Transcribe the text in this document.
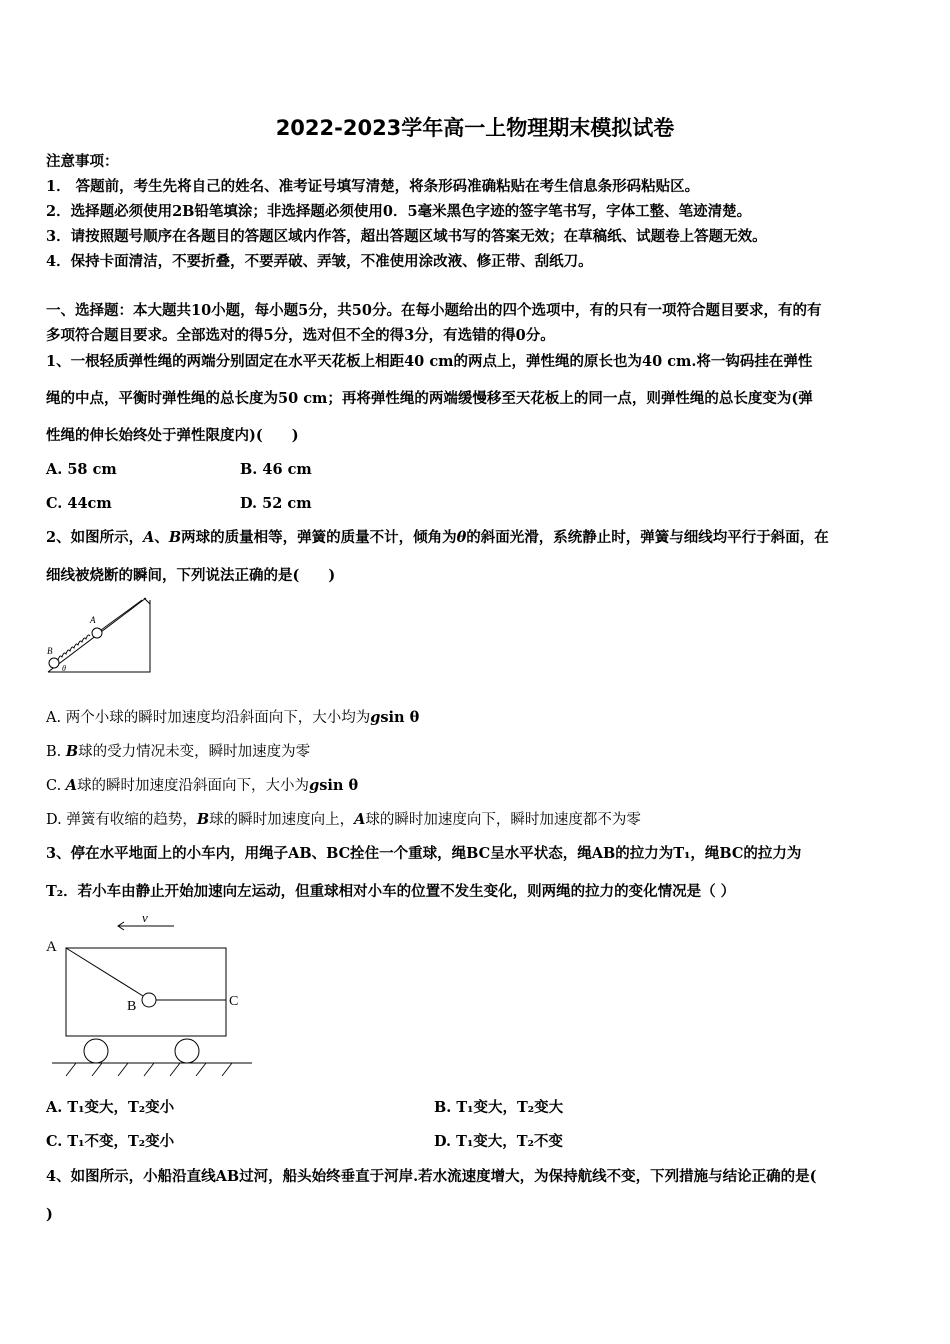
2022-2023学年高一上物理期末模拟试卷
注意事项：
1． 答题前，考生先将自己的姓名、准考证号填写清楚，将条形码准确粘贴在考生信息条形码粘贴区。
2．选择题必须使用2B铅笔填涂；非选择题必须使用0．5毫米黑色字迹的签字笔书写，字体工整、笔迹清楚。
3．请按照题号顺序在各题目的答题区域内作答，超出答题区域书写的答案无效；在草稿纸、试题卷上答题无效。
4．保持卡面清洁，不要折叠，不要弄破、弄皱，不准使用涂改液、修正带、刮纸刀。
一、选择题：本大题共10小题，每小题5分，共50分。在每小题给出的四个选项中，有的只有一项符合题目要求，有的有
多项符合题目要求。全部选对的得5分，选对但不全的得3分，有选错的得0分。
1、一根轻质弹性绳的两端分别固定在水平天花板上相距40 cm的两点上，弹性绳的原长也为40 cm.将一钩码挂在弹性
绳的中点，平衡时弹性绳的总长度为50 cm；再将弹性绳的两端缓慢移至天花板上的同一点，则弹性绳的总长度变为(弹
性绳的伸长始终处于弹性限度内)(　　)
A. 58 cm	B. 46 cm
C. 44cm	D. 52 cm
2、如图所示，A、B两球的质量相等，弹簧的质量不计，倾角为θ的斜面光滑，系统静止时，弹簧与细线均平行于斜面，在
细线被烧断的瞬间，下列说法正确的是(　　)
A
B
θ
A. 两个小球的瞬时加速度均沿斜面向下，大小均为gsin θ
B. B球的受力情况未变，瞬时加速度为零
C. A球的瞬时加速度沿斜面向下，大小为gsin θ
D. 弹簧有收缩的趋势，B球的瞬时加速度向上，A球的瞬时加速度向下，瞬时加速度都不为零
3、停在水平地面上的小车内，用绳子AB、BC拴住一个重球，绳BC呈水平状态，绳AB的拉力为T₁，绳BC的拉力为
T₂．若小车由静止开始加速向左运动，但重球相对小车的位置不发生变化，则两绳的拉力的变化情况是（ ）
v
A
B	C
A. T₁变大，T₂变小	B. T₁变大，T₂变大
C. T₁不变，T₂变小	D. T₁变大，T₂不变
4、如图所示，小船沿直线AB过河，船头始终垂直于河岸.若水流速度增大，为保持航线不变，下列措施与结论正确的是(
)
